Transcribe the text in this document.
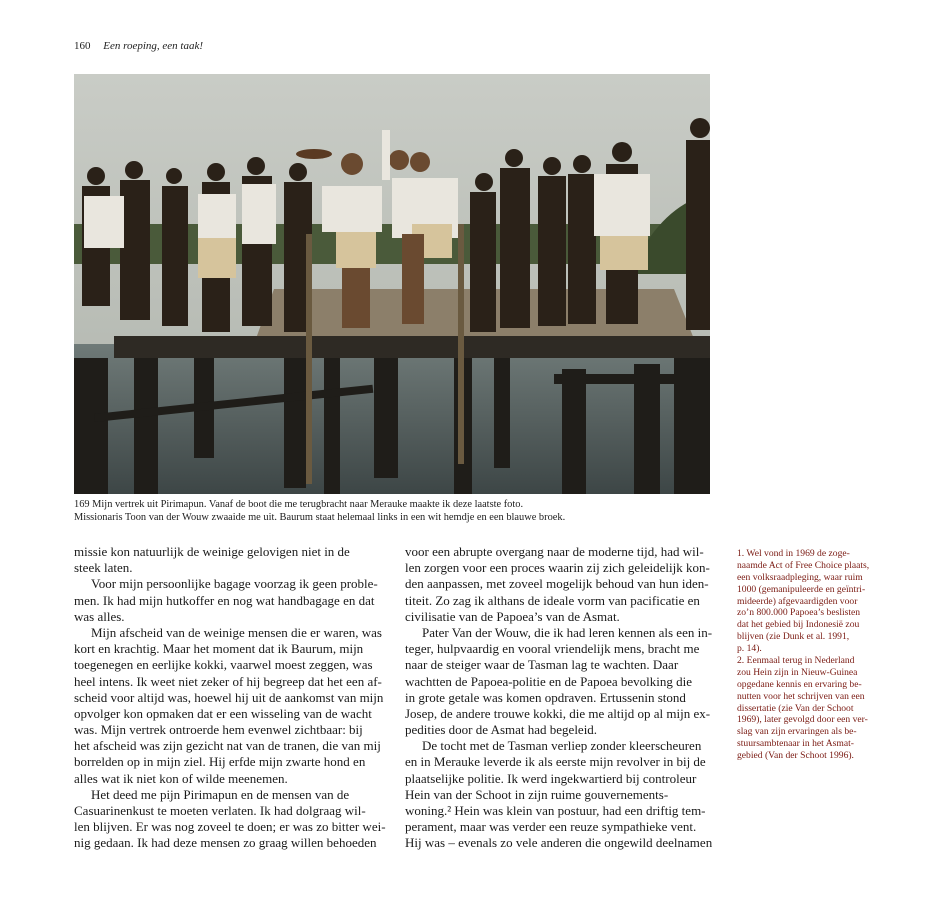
160 Een roeping, een taak!
169 Mijn vertrek uit Pirimapun. Vanaf de boot die me terugbracht naar Merauke maakte ik deze laatste foto.
Missionaris Toon van der Wouw zwaaide me uit. Baurum staat helemaal links in een wit hemdje en een blauwe broek.
missie kon natuurlijk de weinige gelovigen niet in de
steek laten.
Voor mijn persoonlijke bagage voorzag ik geen proble-
men. Ik had mijn hutkoffer en nog wat handbagage en dat
was alles.
Mijn afscheid van de weinige mensen die er waren, was
kort en krachtig. Maar het moment dat ik Baurum, mijn
toegenegen en eerlijke kokki, vaarwel moest zeggen, was
heel intens. Ik weet niet zeker of hij begreep dat het een af-
scheid voor altijd was, hoewel hij uit de aankomst van mijn
opvolger kon opmaken dat er een wisseling van de wacht
was. Mijn vertrek ontroerde hem evenwel zichtbaar: bij
het afscheid was zijn gezicht nat van de tranen, die van mij
borrelden op in mijn ziel. Hij erfde mijn zwarte hond en
alles wat ik niet kon of wilde meenemen.
Het deed me pijn Pirimapun en de mensen van de
Casuarinenkust te moeten verlaten. Ik had dolgraag wil-
len blijven. Er was nog zoveel te doen; er was zo bitter wei-
nig gedaan. Ik had deze mensen zo graag willen behoeden
voor een abrupte overgang naar de moderne tijd, had wil-
len zorgen voor een proces waarin zij zich geleidelijk kon-
den aanpassen, met zoveel mogelijk behoud van hun iden-
titeit. Zo zag ik althans de ideale vorm van pacificatie en
civilisatie van de Papoea’s van de Asmat.
Pater Van der Wouw, die ik had leren kennen als een in-
teger, hulpvaardig en vooral vriendelijk mens, bracht me
naar de steiger waar de Tasman lag te wachten. Daar
wachtten de Papoea-politie en de Papoea bevolking die
in grote getale was komen opdraven. Ertussenin stond
Josep, de andere trouwe kokki, die me altijd op al mijn ex-
pedities door de Asmat had begeleid.
De tocht met de Tasman verliep zonder kleerscheuren
en in Merauke leverde ik als eerste mijn revolver in bij de
plaatselijke politie. Ik werd ingekwartierd bij controleur
Hein van der Schoot in zijn ruime gouvernements-
woning.² Hein was klein van postuur, had een driftig tem-
perament, maar was verder een reuze sympathieke vent.
Hij was – evenals zo vele anderen die ongewild deelnamen
1. Wel vond in 1969 de zoge-
naamde Act of Free Choice plaats,
een volksraadpleging, waar ruim
1000 (gemanipuleerde en geïntri-
mideerde) afgevaardigden voor
zo’n 800.000 Papoea’s beslisten
dat het gebied bij Indonesië zou
blijven (zie Dunk et al. 1991,
p. 14).
2. Eenmaal terug in Nederland
zou Hein zijn in Nieuw-Guinea
opgedane kennis en ervaring be-
nutten voor het schrijven van een
dissertatie (zie Van der Schoot
1969), later gevolgd door een ver-
slag van zijn ervaringen als be-
stuursambtenaar in het Asmat-
gebied (Van der Schoot 1996).
